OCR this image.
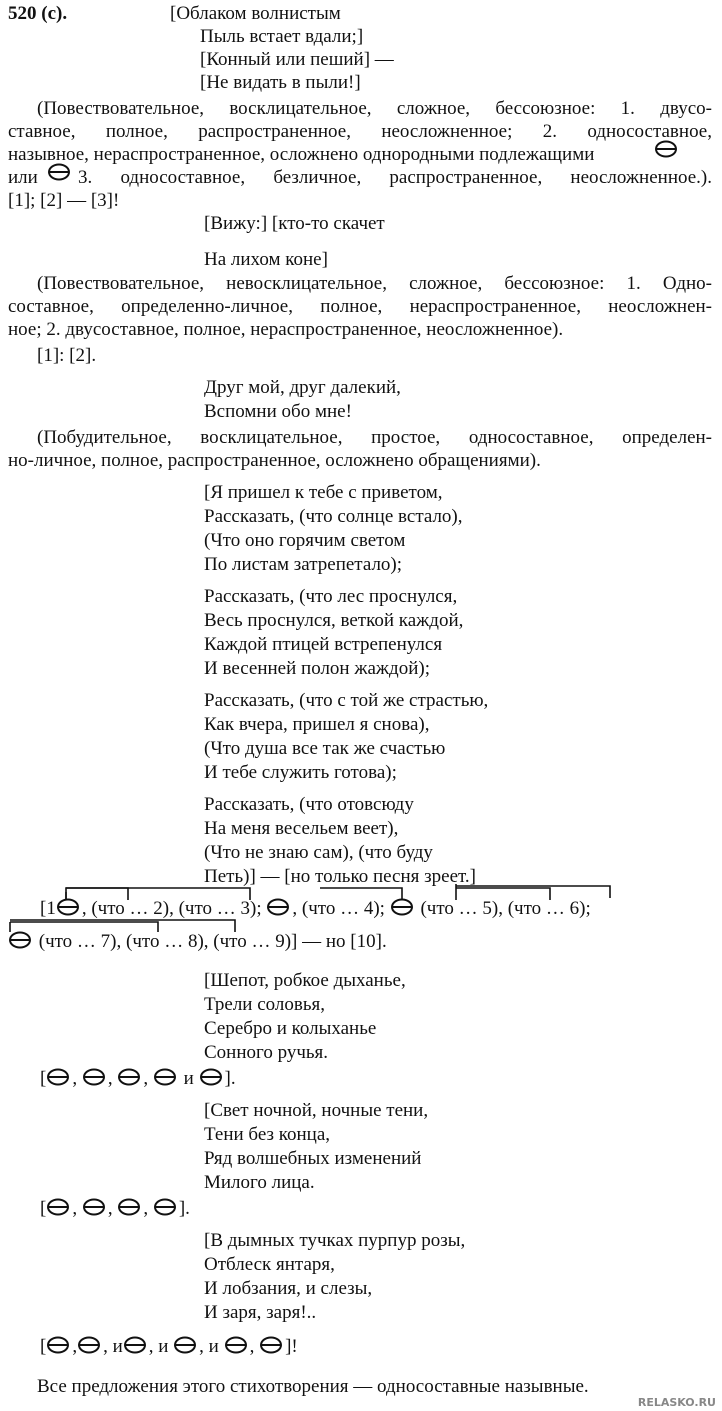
520 (с).	[Облаком волнистым
Пыль встает вдали;]
[Конный или пеший] —
[Не видать в пыли!]
(Повествовательное, восклицательное, сложное, бессоюзное: 1. двусо-
ставное, полное, распространенное, неосложненное; 2. односоставное,
назывное, нераспространенное, осложнено однородными подлежащими
или 3. односоставное, безличное, распространенное, неосложненное.).
[1]; [2] — [3]!
[Вижу:] [кто-то скачет
На лихом коне]
(Повествовательное, невосклицательное, сложное, бессоюзное: 1. Одно-
составное, определенно-личное, полное, нераспространенное, неосложнен-
ное; 2. двусоставное, полное, нераспространенное, неосложненное).
[1]: [2].
Друг мой, друг далекий,
Вспомни обо мне!
(Побудительное, восклицательное, простое, односоставное, определен-
но-личное, полное, распространенное, осложнено обращениями).
[Я пришел к тебе с приветом,
Рассказать, (что солнце встало),
(Что оно горячим светом
По листам затрепетало);
Рассказать, (что лес проснулся,
Весь проснулся, веткой каждой,
Каждой птицей встрепенулся
И весенней полон жаждой);
Рассказать, (что с той же страстью,
Как вчера, пришел я снова),
(Что душа все так же счастью
И тебе служить готова);
Рассказать, (что отовсюду
На меня весельем веет),
(Что не знаю сам), (что буду
Петь)] — [но только песня зреет.]
[1 , (что … 2), (что … 3); , (что … 4);  (что … 5), (что … 6);
(что … 7), (что … 8), (что … 9)] — но [10].
[Шепот, робкое дыханье,
Трели соловья,
Серебро и колыханье
Сонного ручья.
[ , , ,  и ].
[Свет ночной, ночные тени,
Тени без конца,
Ряд волшебных изменений
Милого лица.
[ , , , ].
[В дымных тучках пурпур розы,
Отблеск янтаря,
И лобзания, и слезы,
И заря, заря!..
[ , , и , и , и , ]!
Все предложения этого стихотворения — односоставные назывные.
RELASKO.RU
